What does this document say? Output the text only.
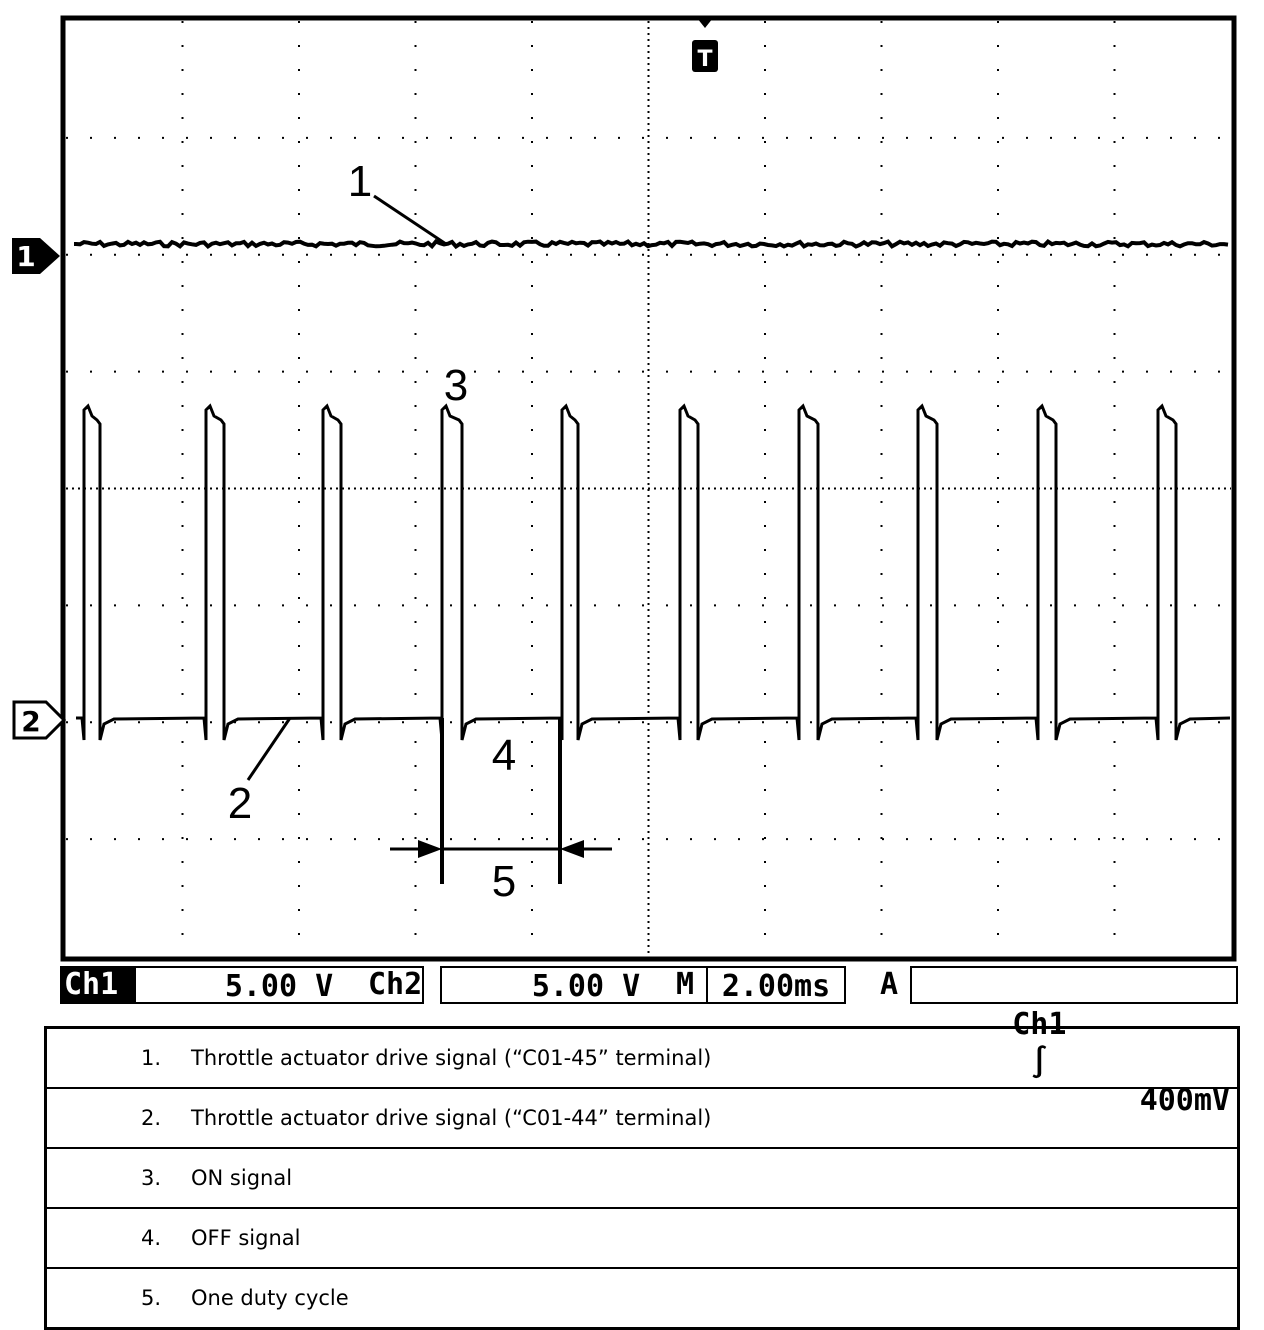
T
1
2
1
2
3
4
5
Ch1	5.00 V	Ch2	5.00 V	M 2.00ms	A

Ch1
∫

400mV

1. Throttle actuator drive signal (“C01-45” terminal)
2. Throttle actuator drive signal (“C01-44” terminal)
3. ON signal
4. OFF signal
5. One duty cycle
